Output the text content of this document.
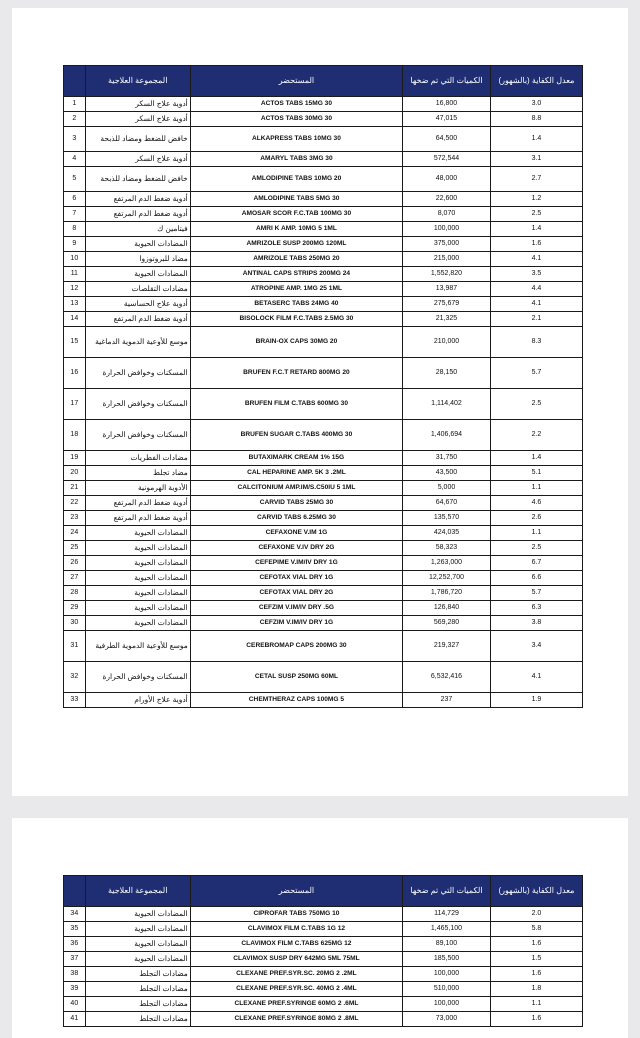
	المجموعة العلاجية	المستحضر	الكميات التي تم ضخها	معدل الكفاية (بالشهور)
1	أدوية علاج السكر	ACTOS TABS 15MG 30	16,800	3.0
2	أدوية علاج السكر	ACTOS TABS 30MG 30	47,015	8.8
3	خافض للضغط ومضاد للذبحة	ALKAPRESS TABS 10MG 30	64,500	1.4
4	أدوية علاج السكر	AMARYL TABS 3MG 30	572,544	3.1
5	خافض للضغط ومضاد للذبحة	AMLODIPINE TABS 10MG 20	48,000	2.7
6	أدوية ضغط الدم المرتفع	AMLODIPINE TABS 5MG 30	22,600	1.2
7	أدوية ضغط الدم المرتفع	AMOSAR SCOR F.C.TAB 100MG 30	8,070	2.5
8	فيتامين ك	AMRI K AMP. 10MG 5 1ML	100,000	1.4
9	المضادات الحيوية	AMRIZOLE SUSP 200MG 120ML	375,000	1.6
10	مضاد للبروتوزوا	AMRIZOLE TABS 250MG 20	215,000	4.1
11	المضادات الحيوية	ANTINAL CAPS STRIPS 200MG 24	1,552,820	3.5
12	مضادات التقلصات	ATROPINE AMP. 1MG 25 1ML	13,987	4.4
13	أدوية علاج الحساسية	BETASERC TABS 24MG 40	275,679	4.1
14	أدوية ضغط الدم المرتفع	BISOLOCK FILM F.C.TABS 2.5MG 30	21,325	2.1
15	موسع للأوعية الدموية الدماغية	BRAIN-OX CAPS 30MG 20	210,000	8.3
16	المسكنات وخوافض الحرارة	BRUFEN F.C.T RETARD 800MG 20	28,150	5.7
17	المسكنات وخوافض الحرارة	BRUFEN FILM C.TABS 600MG 30	1,114,402	2.5
18	المسكنات وخوافض الحرارة	BRUFEN SUGAR C.TABS 400MG 30	1,406,694	2.2
19	مضادات الفطريات	BUTAXIMARK CREAM 1% 15G	31,750	1.4
20	مضاد تجلط	CAL HEPARINE AMP. 5K 3 .2ML	43,500	5.1
21	الأدوية الهرمونية	CALCITONIUM AMP.IM/S.C50IU 5 1ML	5,000	1.1
22	أدوية ضغط الدم المرتفع	CARVID TABS 25MG 30	64,670	4.6
23	أدوية ضغط الدم المرتفع	CARVID TABS 6.25MG 30	135,570	2.6
24	المضادات الحيوية	CEFAXONE V.IM 1G	424,035	1.1
25	المضادات الحيوية	CEFAXONE V.IV DRY 2G	58,323	2.5
26	المضادات الحيوية	CEFEPIME V.IM/IV DRY 1G	1,263,000	6.7
27	المضادات الحيوية	CEFOTAX VIAL DRY 1G	12,252,700	6.6
28	المضادات الحيوية	CEFOTAX VIAL DRY 2G	1,786,720	5.7
29	المضادات الحيوية	CEFZIM V.IM/IV DRY .5G	126,840	6.3
30	المضادات الحيوية	CEFZIM V.IM/IV DRY 1G	569,280	3.8
31	موسع للأوعية الدموية الطرفية	CEREBROMAP CAPS 200MG 30	219,327	3.4
32	المسكنات وخوافض الحرارة	CETAL SUSP 250MG 60ML	6,532,416	4.1
33	أدوية علاج الأورام	CHEMTHERAZ CAPS 100MG 5	237	1.9
	المجموعة العلاجية	المستحضر	الكميات التي تم ضخها	معدل الكفاية (بالشهور)
34	المضادات الحيوية	CIPROFAR TABS 750MG 10	114,729	2.0
35	المضادات الحيوية	CLAVIMOX FILM C.TABS 1G 12	1,465,100	5.8
36	المضادات الحيوية	CLAVIMOX FILM C.TABS 625MG 12	89,100	1.6
37	المضادات الحيوية	CLAVIMOX SUSP DRY 642MG 5ML 75ML	185,500	1.5
38	مضادات التجلط	CLEXANE PREF.SYR.SC. 20MG 2 .2ML	100,000	1.6
39	مضادات التجلط	CLEXANE PREF.SYR.SC. 40MG 2 .4ML	510,000	1.8
40	مضادات التجلط	CLEXANE PREF.SYRINGE 60MG 2 .6ML	100,000	1.1
41	مضادات التجلط	CLEXANE PREF.SYRINGE 80MG 2 .8ML	73,000	1.6
